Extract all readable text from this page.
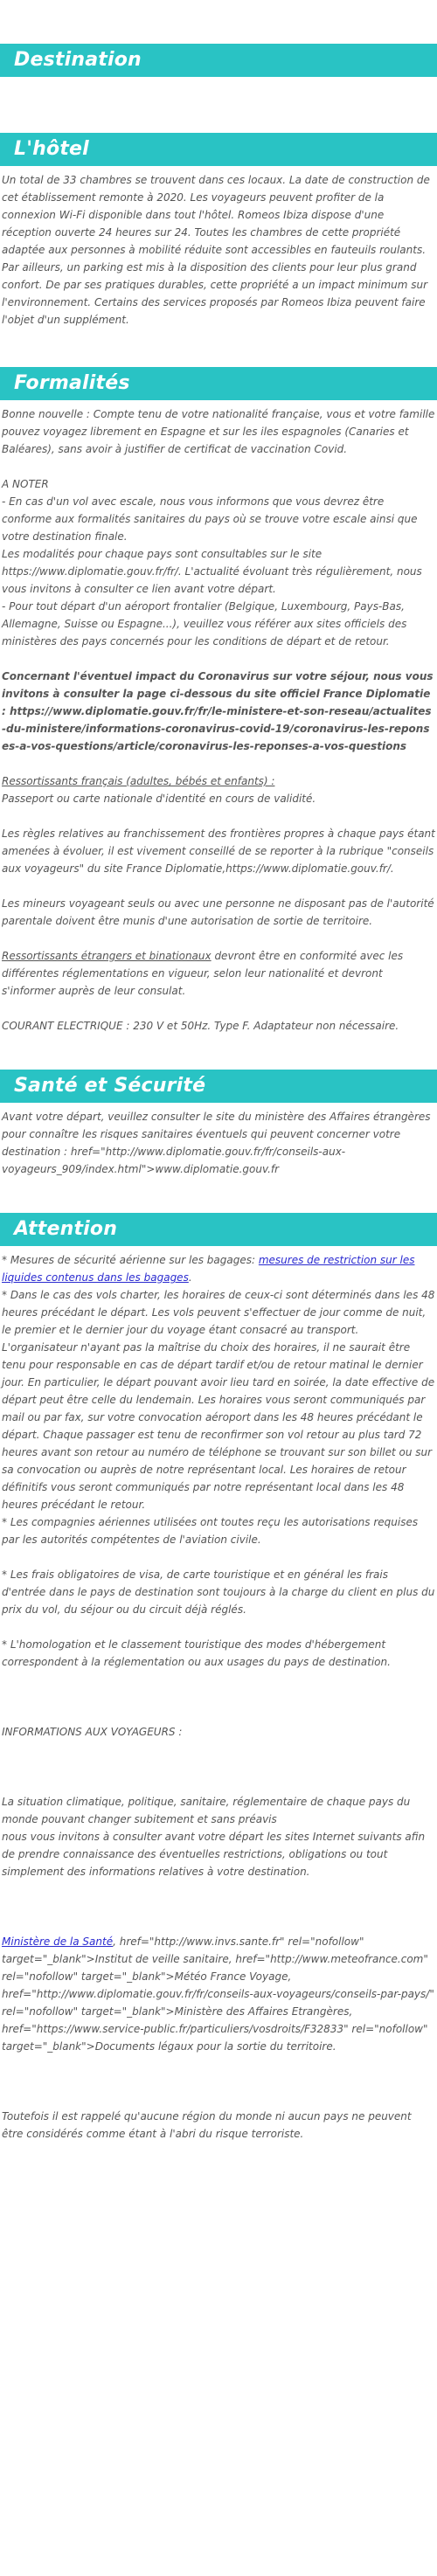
Destination
L'hôtel

Un total de 33 chambres se trouvent dans ces locaux. La date de construction de cet établissement remonte à 2020. Les voyageurs peuvent profiter de la connexion Wi-Fi disponible dans tout l'hôtel. Romeos Ibiza dispose d'une réception ouverte 24 heures sur 24. Toutes les chambres de cette propriété adaptée aux personnes à mobilité réduite sont accessibles en fauteuils roulants. Par ailleurs, un parking est mis à la disposition des clients pour leur plus grand confort. De par ses pratiques durables, cette propriété a un impact minimum sur l'environnement. Certains des services proposés par Romeos Ibiza peuvent faire l'objet d'un supplément.

Formalités

Bonne nouvelle : Compte tenu de votre nationalité française, vous et votre famille pouvez voyagez librement en Espagne et sur les iles espagnoles (Canaries et Baléares), sans avoir à justifier de certificat de vaccination Covid.

A NOTER

- En cas d'un vol avec escale, nous vous informons que vous devrez être conforme aux formalités sanitaires du pays où se trouve votre escale ainsi que votre destination finale.

Les modalités pour chaque pays sont consultables sur le site https://www.diplomatie.gouv.fr/fr/. L'actualité évoluant très régulièrement, nous vous invitons à consulter ce lien avant votre départ.

- Pour tout départ d'un aéroport frontalier (Belgique, Luxembourg, Pays-Bas, Allemagne, Suisse ou Espagne...), veuillez vous référer aux sites officiels des ministères des pays concernés pour les conditions de départ et de retour.

Concernant l'éventuel impact du Coronavirus sur votre séjour, nous vous invitons à consulter la page ci-dessous du site officiel France Diplomatie : https://www.diplomatie.gouv.fr/fr/le-ministere-et-son-reseau/actualites-du-ministere/informations-coronavirus-covid-19/coronavirus-les-reponses-a-vos-questions/article/coronavirus-les-reponses-a-vos-questions

Ressortissants français (adultes, bébés et enfants) :

Passeport ou carte nationale d'identité en cours de validité.

Les règles relatives au franchissement des frontières propres à chaque pays étant amenées à évoluer, il est vivement conseillé de se reporter à la rubrique "conseils aux voyageurs" du site France Diplomatie,https://www.diplomatie.gouv.fr/.

Les mineurs voyageant seuls ou avec une personne ne disposant pas de l'autorité parentale doivent être munis d'une autorisation de sortie de territoire.

Ressortissants étrangers et binationaux devront être en conformité avec les différentes réglementations en vigueur, selon leur nationalité et devront s'informer auprès de leur consulat.

COURANT ELECTRIQUE : 230 V et 50Hz. Type F. Adaptateur non nécessaire.

Santé et Sécurité

Avant votre départ, veuillez consulter le site du ministère des Affaires étrangères pour connaître les risques sanitaires éventuels qui peuvent concerner votre destination : href="http://www.diplomatie.gouv.fr/fr/conseils-aux-voyageurs_909/index.html">www.diplomatie.gouv.fr

Attention

* Mesures de sécurité aérienne sur les bagages: mesures de restriction sur les liquides contenus dans les bagages.

* Dans le cas des vols charter, les horaires de ceux-ci sont déterminés dans les 48 heures précédant le départ. Les vols peuvent s'effectuer de jour comme de nuit, le premier et le dernier jour du voyage étant consacré au transport. L'organisateur n'ayant pas la maîtrise du choix des horaires, il ne saurait être tenu pour responsable en cas de départ tardif et/ou de retour matinal le dernier jour. En particulier, le départ pouvant avoir lieu tard en soirée, la date effective de départ peut être celle du lendemain. Les horaires vous seront communiqués par mail ou par fax, sur votre convocation aéroport dans les 48 heures précédant le départ. Chaque passager est tenu de reconfirmer son vol retour au plus tard 72 heures avant son retour au numéro de téléphone se trouvant sur son billet ou sur sa convocation ou auprès de notre représentant local. Les horaires de retour définitifs vous seront communiqués par notre représentant local dans les 48 heures précédant le retour.

* Les compagnies aériennes utilisées ont toutes reçu les autorisations requises par les autorités compétentes de l'aviation civile.

* Les frais obligatoires de visa, de carte touristique et en général les frais d'entrée dans le pays de destination sont toujours à la charge du client en plus du prix du vol, du séjour ou du circuit déjà réglés.

* L'homologation et le classement touristique des modes d'hébergement correspondent à la réglementation ou aux usages du pays de destination.

INFORMATIONS AUX VOYAGEURS :

La situation climatique, politique, sanitaire, réglementaire de chaque pays du monde pouvant changer subitement et sans préavis
nous vous invitons à consulter avant votre départ les sites Internet suivants afin de prendre connaissance des éventuelles restrictions, obligations ou tout simplement des informations relatives à votre destination.

Ministère de la Santé, href="http://www.invs.sante.fr" rel="nofollow" target="_blank">Institut de veille sanitaire, href="http://www.meteofrance.com" rel="nofollow" target="_blank">Météo France Voyage, href="http://www.diplomatie.gouv.fr/fr/conseils-aux-voyageurs/conseils-par-pays/" rel="nofollow" target="_blank">Ministère des Affaires Etrangères, href="https://www.service-public.fr/particuliers/vosdroits/F32833" rel="nofollow" target="_blank">Documents légaux pour la sortie du territoire.

Toutefois il est rappelé qu'aucune région du monde ni aucun pays ne peuvent être considérés comme étant à l'abri du risque terroriste.
